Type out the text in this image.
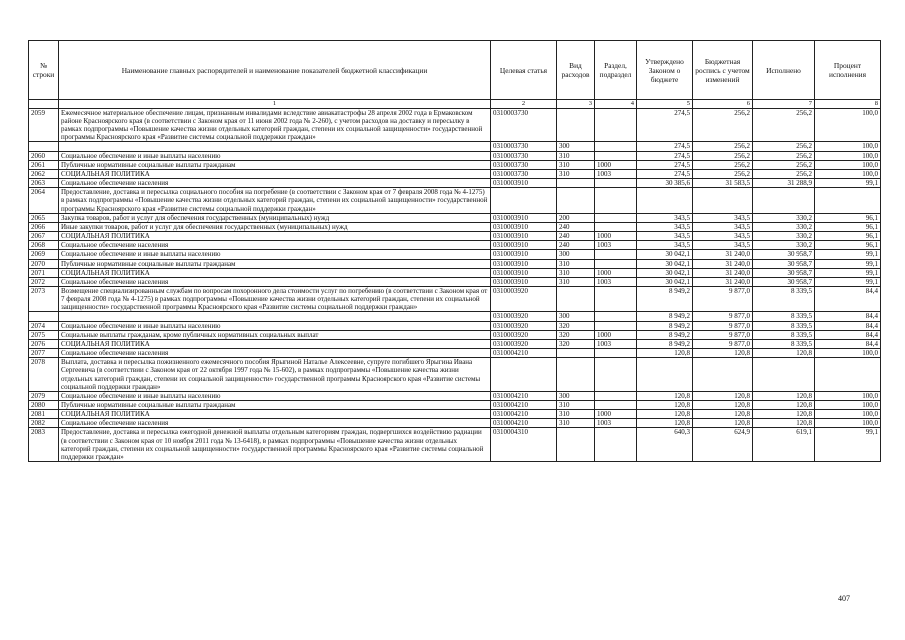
№ строки	Наименование главных распорядителей и наименование показателей бюджетной классификации	Целевая статья	Вид расходов	Раздел, подраздел	Утверждено Законом о бюджете	Бюджетная роспись с учетом изменений	Исполнено	Процент исполнения
	1	2	3	4	5	6	7	8
2059	Ежемесячное материальное обеспечение лицам, признанным инвалидами вследствие авиакатастрофы 28 апреля 2002 года в Ермаковском районе Красноярского края (в соответствии с Законом края от 11 июня 2002 года № 2-260), с учетом расходов на доставку и пересылку в рамках подпрограммы «Повышение качества жизни отдельных категорий граждан, степени их социальной защищенности» государственной программы Красноярского края «Развитие системы социальной поддержки граждан»	0310003730			274,5	256,2	256,2	100,0
		0310003730	300		274,5	256,2	256,2	100,0
2060	Социальное обеспечение и иные выплаты населению	0310003730	310		274,5	256,2	256,2	100,0
2061	Публичные нормативные социальные выплаты гражданам	0310003730	310	1000	274,5	256,2	256,2	100,0
2062	СОЦИАЛЬНАЯ ПОЛИТИКА	0310003730	310	1003	274,5	256,2	256,2	100,0
2063	Социальное обеспечение населения	0310003910			30 385,6	31 583,5	31 288,9	99,1
2064	Предоставление, доставка и пересылка социального пособия на погребение (в соответствии с Законом края от 7 февраля 2008 года № 4-1275) в рамках подпрограммы «Повышение качества жизни отдельных категорий граждан, степени их социальной защищенности» государственной программы Красноярского края «Развитие системы социальной поддержки граждан»							
2065	Закупка товаров, работ и услуг для обеспечения государственных (муниципальных) нужд	0310003910	200		343,5	343,5	330,2	96,1
2066	Иные закупки товаров, работ и услуг для обеспечения государственных (муниципальных) нужд	0310003910	240		343,5	343,5	330,2	96,1
2067	СОЦИАЛЬНАЯ ПОЛИТИКА	0310003910	240	1000	343,5	343,5	330,2	96,1
2068	Социальное обеспечение населения	0310003910	240	1003	343,5	343,5	330,2	96,1
2069	Социальное обеспечение и иные выплаты населению	0310003910	300		30 042,1	31 240,0	30 958,7	99,1
2070	Публичные нормативные социальные выплаты гражданам	0310003910	310		30 042,1	31 240,0	30 958,7	99,1
2071	СОЦИАЛЬНАЯ ПОЛИТИКА	0310003910	310	1000	30 042,1	31 240,0	30 958,7	99,1
2072	Социальное обеспечение населения	0310003910	310	1003	30 042,1	31 240,0	30 958,7	99,1
2073	Возмещение специализированным службам по вопросам похоронного дела стоимости услуг по погребению (в соответствии с Законом края от 7 февраля 2008 года № 4-1275) в рамках подпрограммы «Повышение качества жизни отдельных категорий граждан, степени их социальной защищенности» государственной программы Красноярского края «Развитие системы социальной поддержки граждан»	0310003920			8 949,2	9 877,0	8 339,5	84,4
		0310003920	300		8 949,2	9 877,0	8 339,5	84,4
2074	Социальное обеспечение и иные выплаты населению	0310003920	320		8 949,2	9 877,0	8 339,5	84,4
2075	Социальные выплаты гражданам, кроме публичных нормативных социальных выплат	0310003920	320	1000	8 949,2	9 877,0	8 339,5	84,4
2076	СОЦИАЛЬНАЯ ПОЛИТИКА	0310003920	320	1003	8 949,2	9 877,0	8 339,5	84,4
2077	Социальное обеспечение населения	0310004210			120,8	120,8	120,8	100,0
2078	Выплата, доставка и пересылка пожизненного ежемесячного пособия Ярыгиной Наталье Алексеевне, супруге погибшего Ярыгина Ивана Сергеевича (в соответствии с Законом края от 22 октября 1997 года № 15-602), в рамках подпрограммы «Повышение качества жизни отдельных категорий граждан, степени их социальной защищенности» государственной программы Красноярского края «Развитие системы социальной поддержки граждан»							
2079	Социальное обеспечение и иные выплаты населению	0310004210	300		120,8	120,8	120,8	100,0
2080	Публичные нормативные социальные выплаты гражданам	0310004210	310		120,8	120,8	120,8	100,0
2081	СОЦИАЛЬНАЯ ПОЛИТИКА	0310004210	310	1000	120,8	120,8	120,8	100,0
2082	Социальное обеспечение населения	0310004210	310	1003	120,8	120,8	120,8	100,0
2083	Предоставление, доставка и пересылка ежегодной денежной выплаты отдельным категориям граждан, подвергшихся воздействию радиации (в соответствии с Законом края от 10 ноября 2011 года № 13-6418), в рамках подпрограммы «Повышение качества жизни отдельных категорий граждан, степени их социальной защищенности» государственной программы Красноярского края «Развитие системы социальной поддержки граждан»	0310004310			640,3	624,9	619,1	99,1
407
